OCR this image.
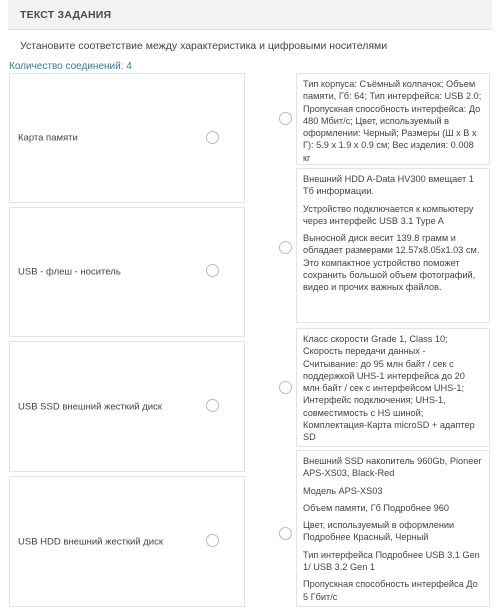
ТЕКСТ ЗАДАНИЯ
Установите соответствие между характеристика и цифровыми носителями
Количество соединений: 4
Карта памяти
USB - флеш - носитель
USB SSD внешний жесткий диск
USB HDD внешний жесткий диск

Тип корпуса: Съёмный колпачок; Объем памяти, Гб: 64; Тип интерфейса: USB 2.0; Пропускная способность интерфейса: До 480 Мбит/с; Цвет, используемый в оформлении: Черный; Размеры (Ш х В х Г): 5.9 х 1.9 х 0.9 см; Вес изделия: 0.008 кг

Внешний HDD A-Data HV300 вмещает 1 Тб информации.

Устройство подключается к компьютеру через интерфейс USB 3.1 Type A

Выносной диск весит 139.8 грамм и обладает размерами 12.57x8.05x1.03 см. Это компактное устройство поможет сохранить большой объем фотографий, видео и прочих важных файлов.

Класс скорости Grade 1, Class 10; Скорость передачи данных - Считывание: до 95 млн байт / сек с поддержкой UHS-1 интерфейса до 20 млн байт / сек с интерфейсом UHS-1; Интерфейс подключения; UHS-1, совместимость с HS шиной; Комплектация-Карта microSD + адаптер SD

Внешний SSD накопитель 960Gb, Pioneer APS-XS03, Black-Red

Модель APS-XS03

Объем памяти, Гб Подробнее 960

Цвет, используемый в оформлении Подробнее Красный, Черный

Тип интерфейса Подробнее USB 3.1 Gen 1/ USB 3.2 Gen 1

Пропускная способность интерфейса До 5 Гбит/с
